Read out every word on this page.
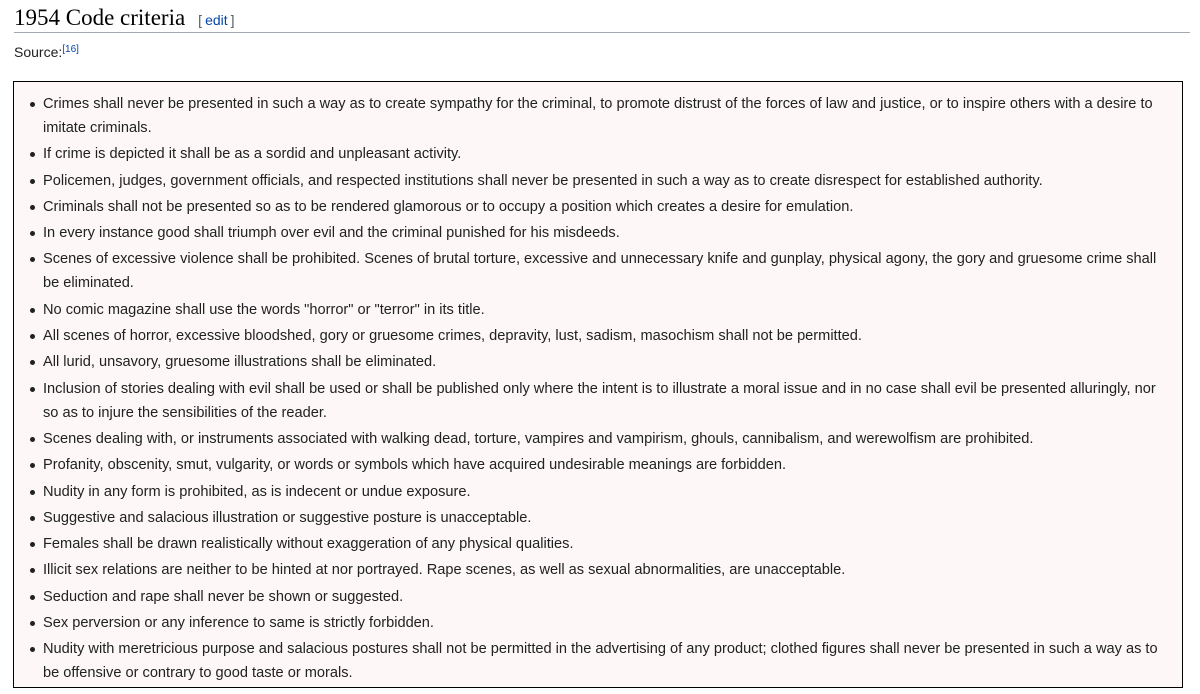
1954 Code criteria [ edit ]
Source:[16]
Crimes shall never be presented in such a way as to create sympathy for the criminal, to promote distrust of the forces of law and justice, or to inspire others with a desire to imitate criminals.
If crime is depicted it shall be as a sordid and unpleasant activity.
Policemen, judges, government officials, and respected institutions shall never be presented in such a way as to create disrespect for established authority.
Criminals shall not be presented so as to be rendered glamorous or to occupy a position which creates a desire for emulation.
In every instance good shall triumph over evil and the criminal punished for his misdeeds.
Scenes of excessive violence shall be prohibited. Scenes of brutal torture, excessive and unnecessary knife and gunplay, physical agony, the gory and gruesome crime shall be eliminated.
No comic magazine shall use the words "horror" or "terror" in its title.
All scenes of horror, excessive bloodshed, gory or gruesome crimes, depravity, lust, sadism, masochism shall not be permitted.
All lurid, unsavory, gruesome illustrations shall be eliminated.
Inclusion of stories dealing with evil shall be used or shall be published only where the intent is to illustrate a moral issue and in no case shall evil be presented alluringly, nor so as to injure the sensibilities of the reader.
Scenes dealing with, or instruments associated with walking dead, torture, vampires and vampirism, ghouls, cannibalism, and werewolfism are prohibited.
Profanity, obscenity, smut, vulgarity, or words or symbols which have acquired undesirable meanings are forbidden.
Nudity in any form is prohibited, as is indecent or undue exposure.
Suggestive and salacious illustration or suggestive posture is unacceptable.
Females shall be drawn realistically without exaggeration of any physical qualities.
Illicit sex relations are neither to be hinted at nor portrayed. Rape scenes, as well as sexual abnormalities, are unacceptable.
Seduction and rape shall never be shown or suggested.
Sex perversion or any inference to same is strictly forbidden.
Nudity with meretricious purpose and salacious postures shall not be permitted in the advertising of any product; clothed figures shall never be presented in such a way as to be offensive or contrary to good taste or morals.
